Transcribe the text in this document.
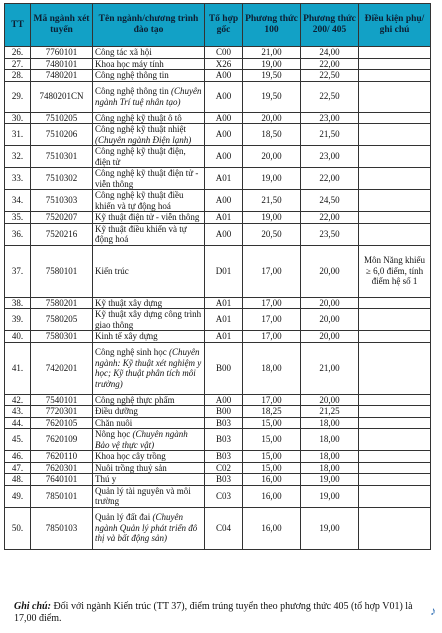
TT	Mã ngành xét tuyển	Tên ngành/chương trình đào tạo	Tổ hợp gốc	Phương thức 100	Phương thức 200/ 405	Điều kiện phụ/ ghi chú
26.	7760101	Công tác xã hội	C00	21,00	24,00	
27.	7480101	Khoa học máy tính	X26	19,00	22,00	
28.	7480201	Công nghệ thông tin	A00	19,50	22,50	
29.	7480201CN	Công nghệ thông tin (Chuyên ngành Trí tuệ nhân tạo)	A00	19,50	22,50	
30.	7510205	Công nghệ kỹ thuật ô tô	A00	20,00	23,00	
31.	7510206	Công nghệ kỹ thuật nhiệt (Chuyên ngành Điện lạnh)	A00	18,50	21,50	
32.	7510301	Công nghệ kỹ thuật điện, điện tử	A00	20,00	23,00	
33.	7510302	Công nghệ kỹ thuật điện tử - viễn thông	A01	19,00	22,00	
34.	7510303	Công nghệ kỹ thuật điều khiển và tự động hoá	A00	21,50	24,50	
35.	7520207	Kỹ thuật điện tử - viễn thông	A01	19,00	22,00	
36.	7520216	Kỹ thuật điều khiển và tự động hoá	A00	20,50	23,50	
37.	7580101	Kiến trúc	D01	17,00	20,00	Môn Năng khiếu ≥ 6,0 điểm, tính điểm hệ số 1
38.	7580201	Kỹ thuật xây dựng	A01	17,00	20,00	
39.	7580205	Kỹ thuật xây dựng công trình giao thông	A01	17,00	20,00	
40.	7580301	Kinh tế xây dựng	A01	17,00	20,00	
41.	7420201	Công nghệ sinh học (Chuyên ngành: Kỹ thuật xét nghiệm y học; Kỹ thuật phân tích môi trường)	B00	18,00	21,00	
42.	7540101	Công nghệ thực phẩm	A00	17,00	20,00	
43.	7720301	Điều dưỡng	B00	18,25	21,25	
44.	7620105	Chăn nuôi	B03	15,00	18,00	
45.	7620109	Nông học (Chuyên ngành Bảo vệ thực vật)	B03	15,00	18,00	
46.	7620110	Khoa học cây trồng	B03	15,00	18,00	
47.	7620301	Nuôi trồng thuỷ sản	C02	15,00	18,00	
48.	7640101	Thú y	B03	16,00	19,00	
49.	7850101	Quản lý tài nguyên và môi trường	C03	16,00	19,00	
50.	7850103	Quản lý đất đai (Chuyên ngành Quản lý phát triển đô thị và bất động sản)	C04	16,00	19,00	
Ghi chú: Đối với ngành Kiến trúc (TT 37), điểm trúng tuyển theo phương thức 405 (tổ hợp V01) là 17,00 điểm.
♪
